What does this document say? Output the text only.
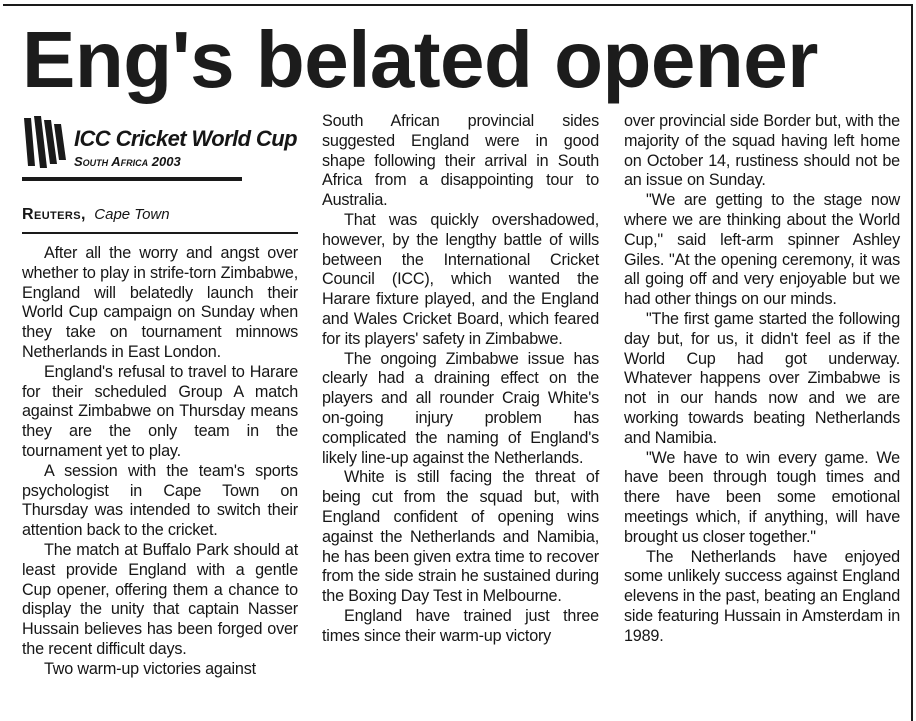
Eng's belated opener
ICC Cricket World Cup
South Africa 2003
Reuters, Cape Town

After all the worry and angst over whether to play in strife-torn Zimbabwe, England will belatedly launch their World Cup campaign on Sunday when they take on tournament minnows Netherlands in East London.

England's refusal to travel to Harare for their scheduled Group A match against Zimbabwe on Thursday means they are the only team in the tournament yet to play.

A session with the team's sports psychologist in Cape Town on Thursday was intended to switch their attention back to the cricket.

The match at Buffalo Park should at least provide England with a gentle Cup opener, offering them a chance to display the unity that captain Nasser Hussain believes has been forged over the recent difficult days.

Two warm-up victories against

South African provincial sides suggested England were in good shape following their arrival in South Africa from a disappointing tour to Australia.

That was quickly overshadowed, however, by the lengthy battle of wills between the International Cricket Council (ICC), which wanted the Harare fixture played, and the England and Wales Cricket Board, which feared for its players' safety in Zimbabwe.

The ongoing Zimbabwe issue has clearly had a draining effect on the players and all rounder Craig White's on-going injury problem has complicated the naming of England's likely line-up against the Netherlands.

White is still facing the threat of being cut from the squad but, with England confident of opening wins against the Netherlands and Namibia, he has been given extra time to recover from the side strain he sustained during the Boxing Day Test in Melbourne.

England have trained just three times since their warm-up victory

over provincial side Border but, with the majority of the squad having left home on October 14, rustiness should not be an issue on Sunday.

"We are getting to the stage now where we are thinking about the World Cup," said left-arm spinner Ashley Giles. "At the opening ceremony, it was all going off and very enjoyable but we had other things on our minds.

"The first game started the following day but, for us, it didn't feel as if the World Cup had got underway. Whatever happens over Zimbabwe is not in our hands now and we are working towards beating Netherlands and Namibia.

"We have to win every game. We have been through tough times and there have been some emotional meetings which, if anything, will have brought us closer together."

The Netherlands have enjoyed some unlikely success against England elevens in the past, beating an England side featuring Hussain in Amsterdam in 1989.
